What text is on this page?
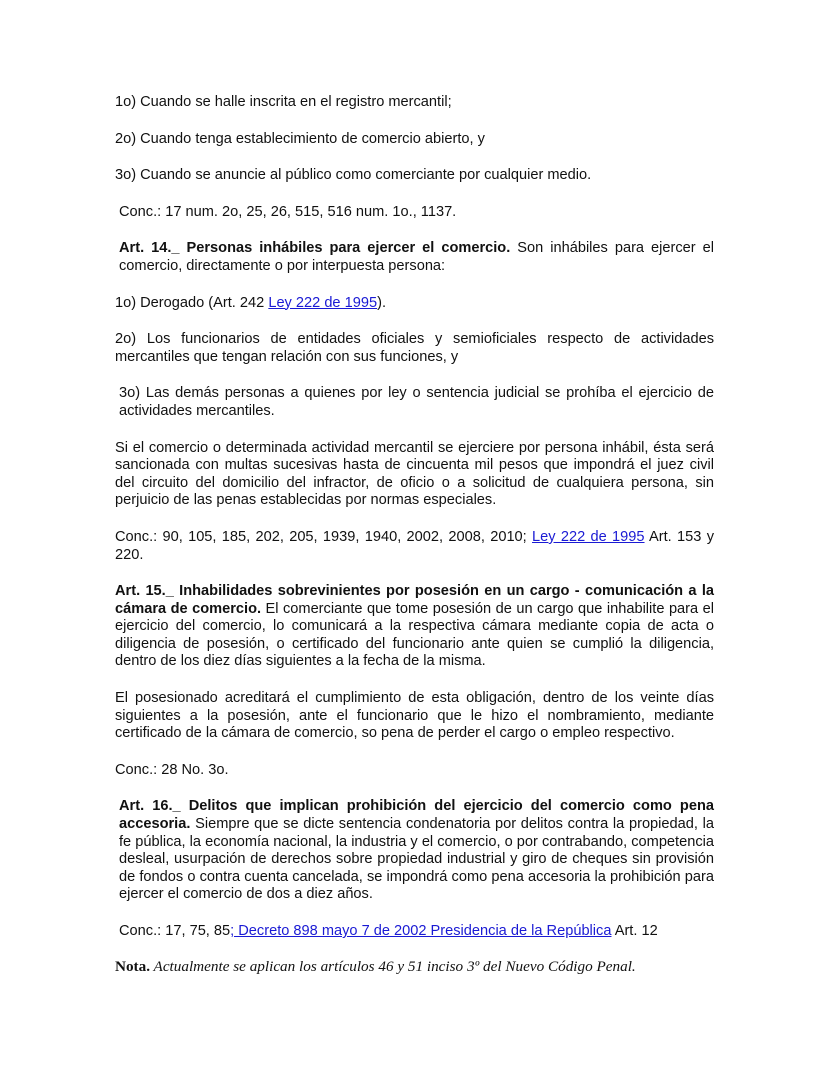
1o) Cuando se halle inscrita en el registro mercantil;

2o) Cuando tenga establecimiento de comercio abierto, y

3o) Cuando se anuncie al público como comerciante por cualquier medio.

Conc.: 17 num. 2o, 25, 26, 515, 516 num. 1o., 1137.

Art. 14._ Personas inhábiles para ejercer el comercio. Son inhábiles para ejercer el comercio, directamente o por interpuesta persona:

1o) Derogado (Art. 242 Ley 222 de 1995).

2o) Los funcionarios de entidades oficiales y semioficiales respecto de actividades mercantiles que tengan relación con sus funciones, y

3o) Las demás personas a quienes por ley o sentencia judicial se prohíba el ejercicio de actividades mercantiles.

Si el comercio o determinada actividad mercantil se ejerciere por persona inhábil, ésta será sancionada con multas sucesivas hasta de cincuenta mil pesos que impondrá el juez civil del circuito del domicilio del infractor, de oficio o a solicitud de cualquiera persona, sin perjuicio de las penas establecidas por normas especiales.

Conc.: 90, 105, 185, 202, 205, 1939, 1940, 2002, 2008, 2010; Ley 222 de 1995 Art. 153 y 220.

Art. 15._ Inhabilidades sobrevinientes por posesión en un cargo - comunicación a la cámara de comercio. El comerciante que tome posesión de un cargo que inhabilite para el ejercicio del comercio, lo comunicará a la respectiva cámara mediante copia de acta o diligencia de posesión, o certificado del funcionario ante quien se cumplió la diligencia, dentro de los diez días siguientes a la fecha de la misma.

El posesionado acreditará el cumplimiento de esta obligación, dentro de los veinte días siguientes a la posesión, ante el funcionario que le hizo el nombramiento, mediante certificado de la cámara de comercio, so pena de perder el cargo o empleo respectivo.

Conc.: 28 No. 3o.

Art. 16._ Delitos que implican prohibición del ejercicio del comercio como pena accesoria. Siempre que se dicte sentencia condenatoria por delitos contra la propiedad, la fe pública, la economía nacional, la industria y el comercio, o por contrabando, competencia desleal, usurpación de derechos sobre propiedad industrial y giro de cheques sin provisión de fondos o contra cuenta cancelada, se impondrá como pena accesoria la prohibición para ejercer el comercio de dos a diez años.

Conc.: 17, 75, 85; Decreto 898 mayo 7 de 2002 Presidencia de la República Art. 12

Nota. Actualmente se aplican los artículos 46 y 51 inciso 3º del Nuevo Código Penal.
